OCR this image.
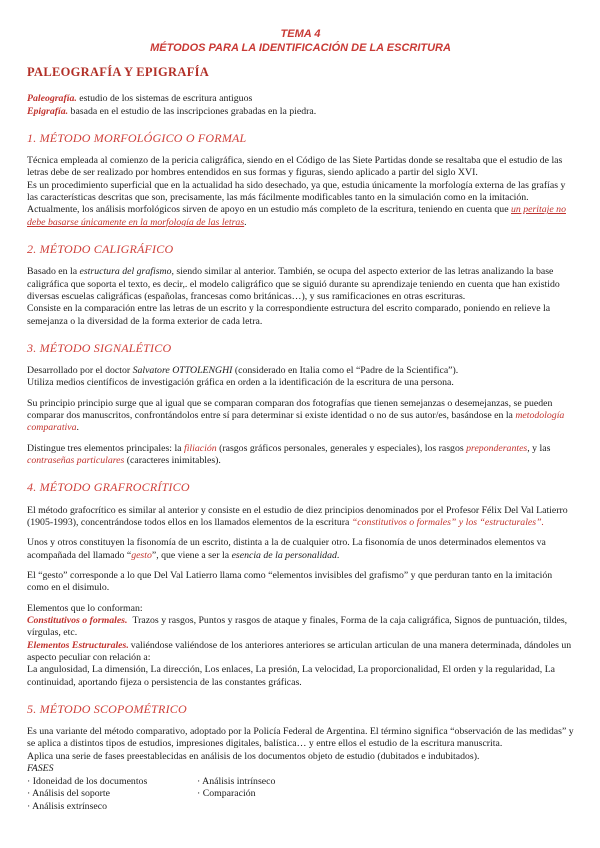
TEMA 4
MÉTODOS PARA LA IDENTIFICACIÓN DE LA ESCRITURA
PALEOGRAFÍA Y EPIGRAFÍA

Paleografía. estudio de los sistemas de escritura antiguos

Epigrafía. basada en el estudio de las inscripciones grabadas en la piedra.

1. MÉTODO MORFOLÓGICO O FORMAL

Técnica empleada al comienzo de la pericia caligráfica, siendo en el Código de las Siete Partidas donde se resaltaba que el estudio de las letras debe de ser realizado por hombres entendidos en sus formas y figuras, siendo aplicado a partir del siglo XVI.

Es un procedimiento superficial que en la actualidad ha sido desechado, ya que, estudia únicamente la morfología externa de las grafías y las características descritas que son, precisamente, las más fácilmente modificables tanto en la simulación como en la imitación.

Actualmente, los análisis morfológicos sirven de apoyo en un estudio más completo de la escritura, teniendo en cuenta que un peritaje no debe basarse únicamente en la morfología de las letras.

2. MÉTODO CALIGRÁFICO

Basado en la estructura del grafismo, siendo similar al anterior. También, se ocupa del aspecto exterior de las letras analizando la base caligráfica que soporta el texto, es decir,. el modelo caligráfico que se siguió durante su aprendizaje teniendo en cuenta que han existido diversas escuelas caligráficas (españolas, francesas como británicas…), y sus ramificaciones en otras escrituras.

Consiste en la comparación entre las letras de un escrito y la correspondiente estructura del escrito comparado, poniendo en relieve la semejanza o la diversidad de la forma exterior de cada letra.

3. MÉTODO SIGNALÉTICO

Desarrollado por el doctor Salvatore OTTOLENGHI (considerado en Italia como el “Padre de la Scientifica”).

Utiliza medios científicos de investigación gráfica en orden a la identificación de la escritura de una persona.

Su principio principio surge que al igual que se comparan comparan dos fotografías que tienen semejanzas o desemejanzas, se pueden comparar dos manuscritos, confrontándolos entre sí para determinar si existe identidad o no de sus autor/es, basándose en la metodología comparativa.

Distingue tres elementos principales: la filiación (rasgos gráficos personales, generales y especiales), los rasgos preponderantes, y las contraseñas particulares (caracteres inimitables).

4. MÉTODO GRAFROCRÍTICO

El método grafocrítico es similar al anterior y consiste en el estudio de diez principios denominados por el Profesor Félix Del Val Latierro (1905-1993), concentrándose todos ellos en los llamados elementos de la escritura “constitutivos o formales” y los “estructurales”.

Unos y otros constituyen la fisonomía de un escrito, distinta a la de cualquier otro. La fisonomía de unos determinados elementos va acompañada del llamado “gesto”, que viene a ser la esencia de la personalidad.

El “gesto” corresponde a lo que Del Val Latierro llama como “elementos invisibles del grafismo” y que perduran tanto en la imitación como en el disimulo.

Elementos que lo conforman:

Constitutivos o formales. Trazos y rasgos, Puntos y rasgos de ataque y finales, Forma de la caja caligráfica, Signos de puntuación, tildes, vírgulas, etc.

Elementos Estructurales. valiéndose valiéndose de los anteriores anteriores se articulan articulan de una manera determinada, dándoles un aspecto peculiar con relación a:

La angulosidad, La dimensión, La dirección, Los enlaces, La presión, La velocidad, La proporcionalidad, El orden y la regularidad, La continuidad, aportando fijeza o persistencia de las constantes gráficas.

5. MÉTODO SCOPOMÉTRICO

Es una variante del método comparativo, adoptado por la Policía Federal de Argentina. El término significa “observación de las medidas” y se aplica a distintos tipos de estudios, impresiones digitales, balística… y entre ellos el estudio de la escritura manuscrita.

Aplica una serie de fases preestablecidas en análisis de los documentos objeto de estudio (dubitados e indubitados).

FASES

· Idoneidad de los documentos
· Análisis del soporte
· Análisis extrínseco
· Análisis intrínseco
· Comparación
